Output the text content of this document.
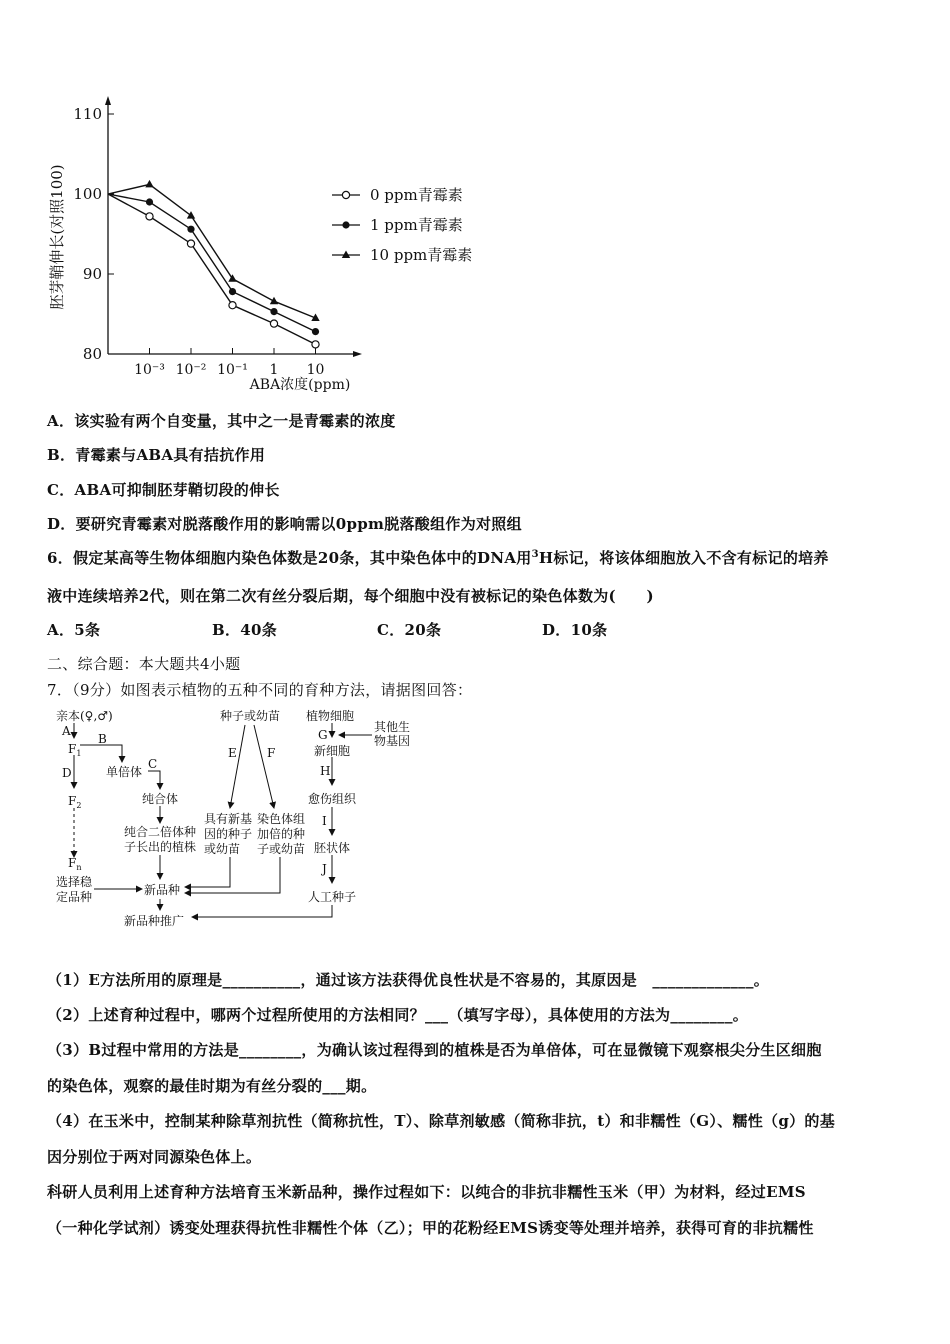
110
100
90
80
10⁻³ 10⁻² 10⁻¹ 1 10
胚芽鞘伸长(对照100)
ABA浓度(ppm)
0 ppm青霉素
1 ppm青霉素
10 ppm青霉素
A．该实验有两个自变量，其中之一是青霉素的浓度
B．青霉素与ABA具有拮抗作用
C．ABA可抑制胚芽鞘切段的伸长
D．要研究青霉素对脱落酸作用的影响需以0ppm脱落酸组作为对照组
6．假定某高等生物体细胞内染色体数是20条，其中染色体中的DNA用$^3$H标记，将该体细胞放入不含有标记的培养
液中连续培养2代，则在第二次有丝分裂后期，每个细胞中没有被标记的染色体数为(　　)
A．5条	B．40条	C．20条	D．10条
二、综合题：本大题共4小题
7．（9分）如图表示植物的五种不同的育种方法，请据图回答：
亲本(♀,♂)
A
$F_1$
B
单倍体
C
纯合体
纯合二倍体种
子长出的植株
D
$F_2$
$F_n$
选择稳
定品种	新品种
新品种推广
种子或幼苗
E	F
具有新基
因的种子
或幼苗
染色体组
加倍的种
子或幼苗
植物细胞
G
其他生
物基因
新细胞
H
愈伤组织
I
胚状体
J
人工种子
（1）E方法所用的原理是__________，通过该方法获得优良性状是不容易的，其原因是　_____________。
（2）上述育种过程中，哪两个过程所使用的方法相同？___（填写字母），具体使用的方法为________。
（3）B过程中常用的方法是________，为确认该过程得到的植株是否为单倍体，可在显微镜下观察根尖分生区细胞
的染色体，观察的最佳时期为有丝分裂的___期。
（4）在玉米中，控制某种除草剂抗性（简称抗性，T）、除草剂敏感（简称非抗，t）和非糯性（G）、糯性（g）的基
因分别位于两对同源染色体上。
科研人员利用上述育种方法培育玉米新品种，操作过程如下：以纯合的非抗非糯性玉米（甲）为材料，经过EMS
（一种化学试剂）诱变处理获得抗性非糯性个体（乙）；甲的花粉经EMS诱变等处理并培养，获得可育的非抗糯性
